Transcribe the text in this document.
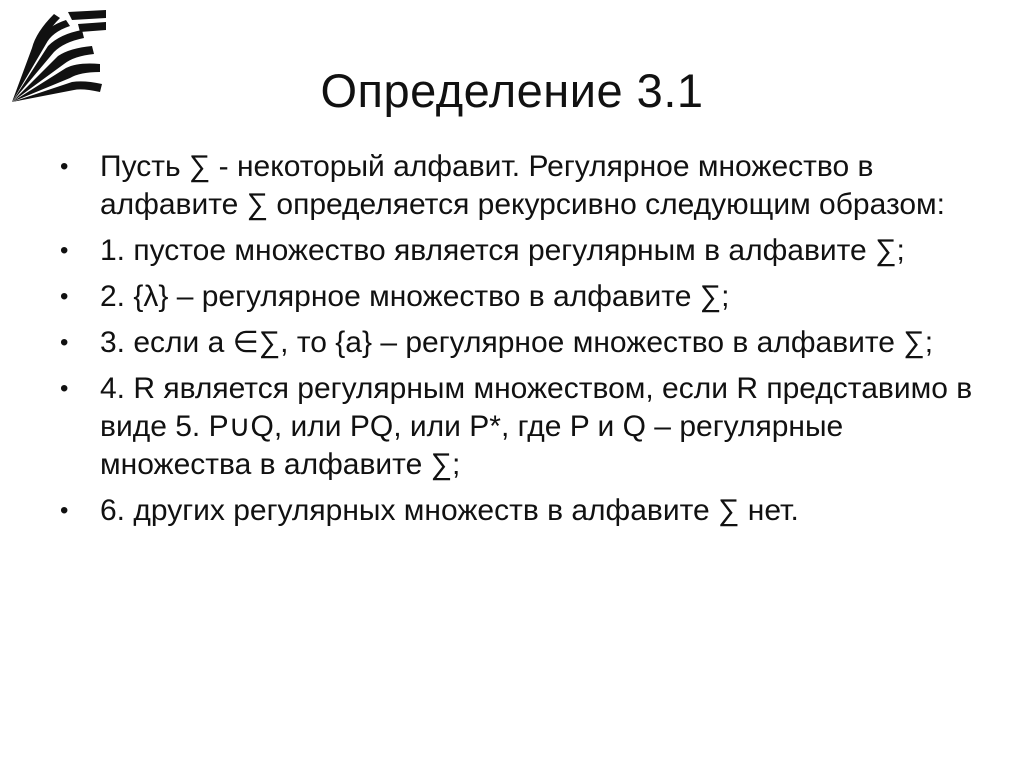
Определение 3.1
•	Пусть ∑ - некоторый алфавит. Регулярное множество в алфавите ∑ определяется рекурсивно следующим образом:
•	1. пустое множество является регулярным в алфавите ∑;
•	2. {λ} – регулярное множество в алфавите ∑;
•	3. если a ∈∑, то {a} – регулярное множество в алфавите ∑;
•	4. R является регулярным множеством, если R представимо в виде 5. P∪Q, или PQ, или P*, где P и Q – регулярные множества в алфавите ∑;
•	6. других регулярных множеств в алфавите ∑ нет.
